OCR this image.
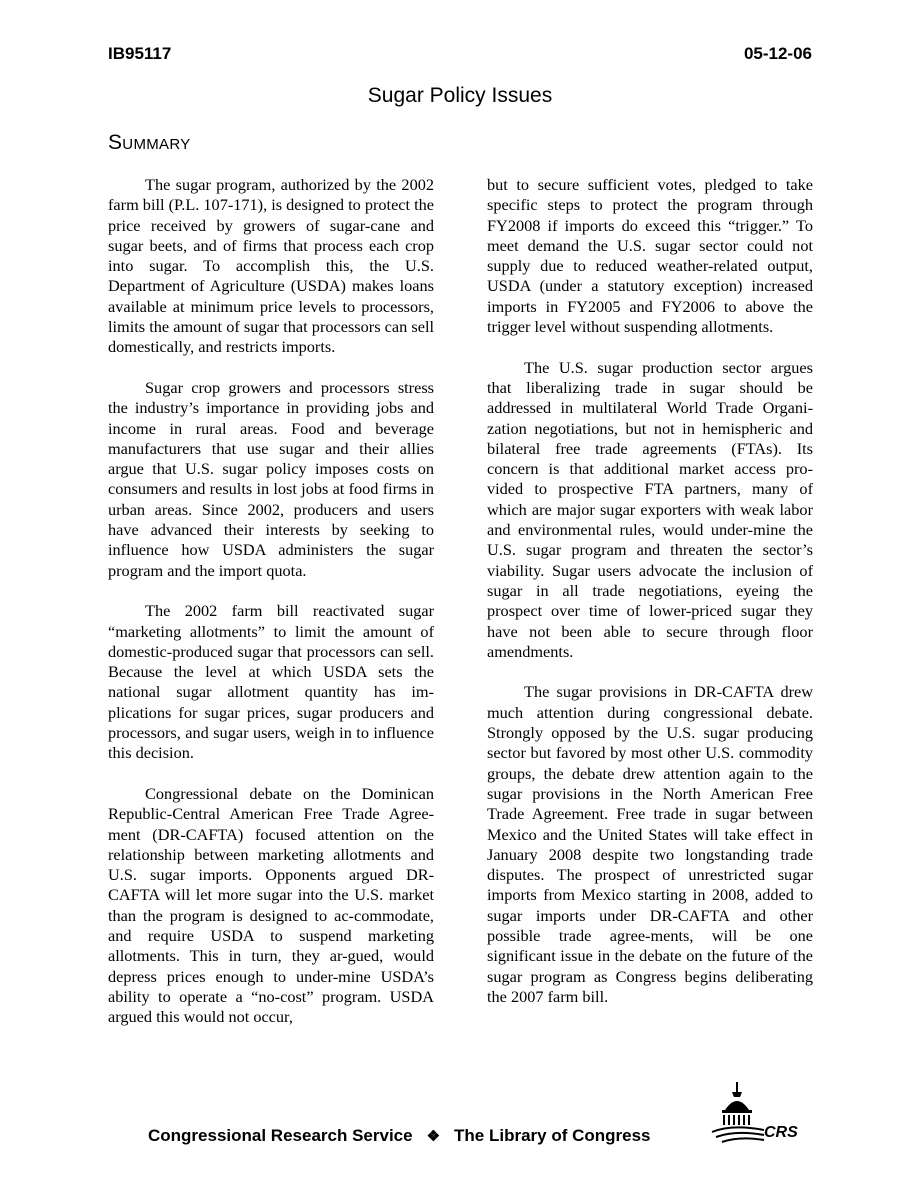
IB95117	05-12-06
Sugar Policy Issues
Summary

The sugar program, authorized by the 2002 farm bill (P.L. 107-171), is designed to protect the price received by growers of sugar-cane and sugar beets, and of firms that process each crop into sugar. To accomplish this, the U.S. Department of Agriculture (USDA) makes loans available at minimum price levels to processors, limits the amount of sugar that processors can sell domestically, and restricts imports.

Sugar crop growers and processors stress the industry’s importance in providing jobs and income in rural areas. Food and beverage manufacturers that use sugar and their allies argue that U.S. sugar policy imposes costs on consumers and results in lost jobs at food firms in urban areas. Since 2002, producers and users have advanced their interests by seeking to influence how USDA administers the sugar program and the import quota.

The 2002 farm bill reactivated sugar “marketing allotments” to limit the amount of domestic-produced sugar that processors can sell. Because the level at which USDA sets the national sugar allotment quantity has im-plications for sugar prices, sugar producers and processors, and sugar users, weigh in to influence this decision.

Congressional debate on the Dominican Republic-Central American Free Trade Agree-ment (DR-CAFTA) focused attention on the relationship between marketing allotments and U.S. sugar imports. Opponents argued DR-CAFTA will let more sugar into the U.S. market than the program is designed to ac-commodate, and require USDA to suspend marketing allotments. This in turn, they ar-gued, would depress prices enough to under-mine USDA’s ability to operate a “no-cost” program. USDA argued this would not occur,

but to secure sufficient votes, pledged to take specific steps to protect the program through FY2008 if imports do exceed this “trigger.” To meet demand the U.S. sugar sector could not supply due to reduced weather-related output, USDA (under a statutory exception) increased imports in FY2005 and FY2006 to above the trigger level without suspending allotments.

The U.S. sugar production sector argues that liberalizing trade in sugar should be addressed in multilateral World Trade Organi-zation negotiations, but not in hemispheric and bilateral free trade agreements (FTAs). Its concern is that additional market access pro-vided to prospective FTA partners, many of which are major sugar exporters with weak labor and environmental rules, would under-mine the U.S. sugar program and threaten the sector’s viability. Sugar users advocate the inclusion of sugar in all trade negotiations, eyeing the prospect over time of lower-priced sugar they have not been able to secure through floor amendments.

The sugar provisions in DR-CAFTA drew much attention during congressional debate. Strongly opposed by the U.S. sugar producing sector but favored by most other U.S. commodity groups, the debate drew attention again to the sugar provisions in the North American Free Trade Agreement. Free trade in sugar between Mexico and the United States will take effect in January 2008 despite two longstanding trade disputes. The prospect of unrestricted sugar imports from Mexico starting in 2008, added to sugar imports under DR-CAFTA and other possible trade agree-ments, will be one significant issue in the debate on the future of the sugar program as Congress begins deliberating the 2007 farm bill.

Congressional Research Service ❖ The Library of Congress	CRS
